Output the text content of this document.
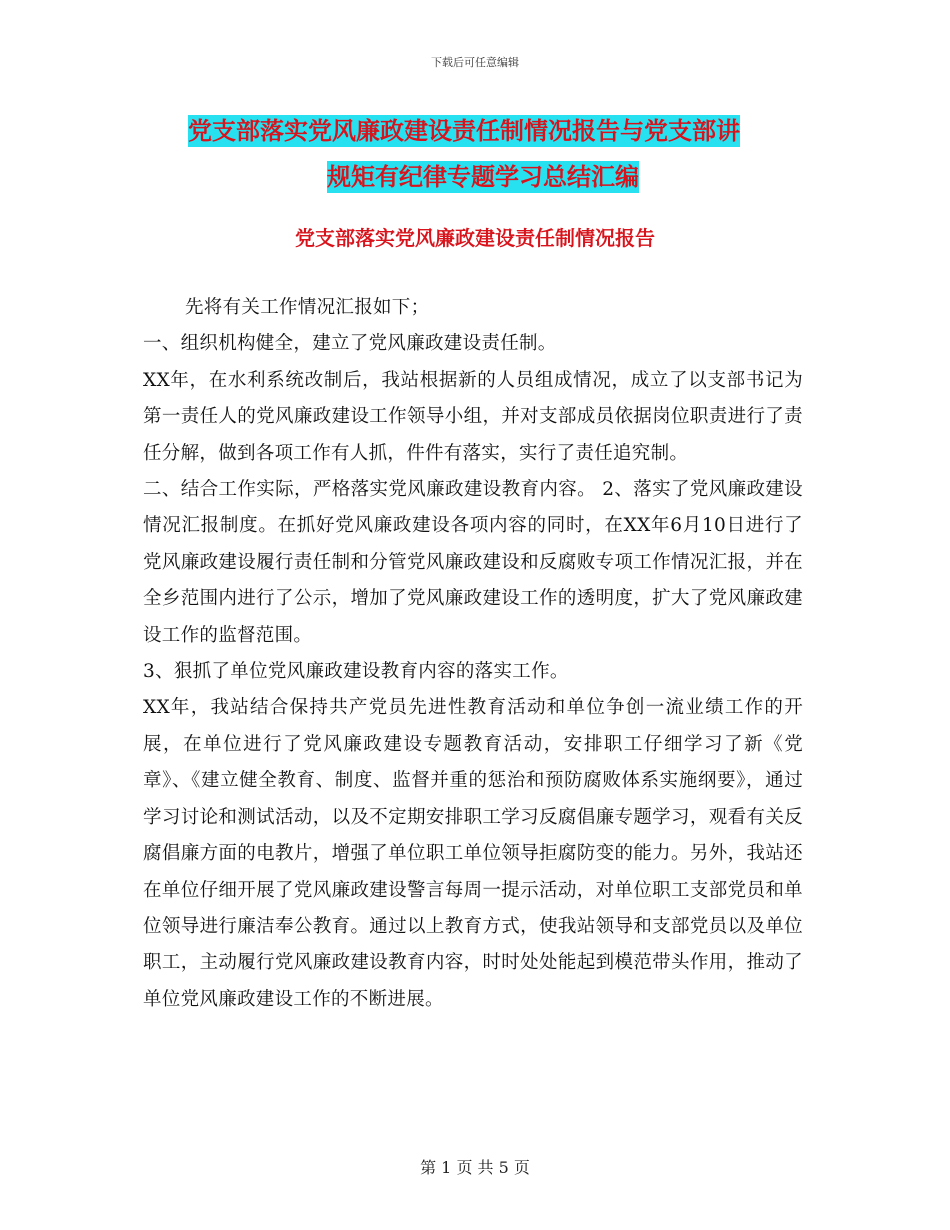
下载后可任意编辑
党支部落实党风廉政建设责任制情况报告与党支部讲

规矩有纪律专题学习总结汇编
党支部落实党风廉政建设责任制情况报告

先将有关工作情况汇报如下；

一、组织机构健全，建立了党风廉政建设责任制。

XX年，在水利系统改制后，我站根据新的人员组成情况，成立了以支部书记为第一责任人的党风廉政建设工作领导小组，并对支部成员依据岗位职责进行了责任分解，做到各项工作有人抓，件件有落实，实行了责任追究制。

二、结合工作实际，严格落实党风廉政建设教育内容。 2、落实了党风廉政建设情况汇报制度。在抓好党风廉政建设各项内容的同时，在XX年6月10日进行了党风廉政建设履行责任制和分管党风廉政建设和反腐败专项工作情况汇报，并在全乡范围内进行了公示，增加了党风廉政建设工作的透明度，扩大了党风廉政建设工作的监督范围。

3、狠抓了单位党风廉政建设教育内容的落实工作。

XX年，我站结合保持共产党员先进性教育活动和单位争创一流业绩工作的开展，在单位进行了党风廉政建设专题教育活动，安排职工仔细学习了新《党章》、《建立健全教育、制度、监督并重的惩治和预防腐败体系实施纲要》，通过学习讨论和测试活动，以及不定期安排职工学习反腐倡廉专题学习，观看有关反腐倡廉方面的电教片，增强了单位职工单位领导拒腐防变的能力。另外，我站还在单位仔细开展了党风廉政建设警言每周一提示活动，对单位职工支部党员和单位领导进行廉洁奉公教育。通过以上教育方式，使我站领导和支部党员以及单位职工，主动履行党风廉政建设教育内容，时时处处能起到模范带头作用，推动了单位党风廉政建设工作的不断进展。

第 1 页 共 5 页
